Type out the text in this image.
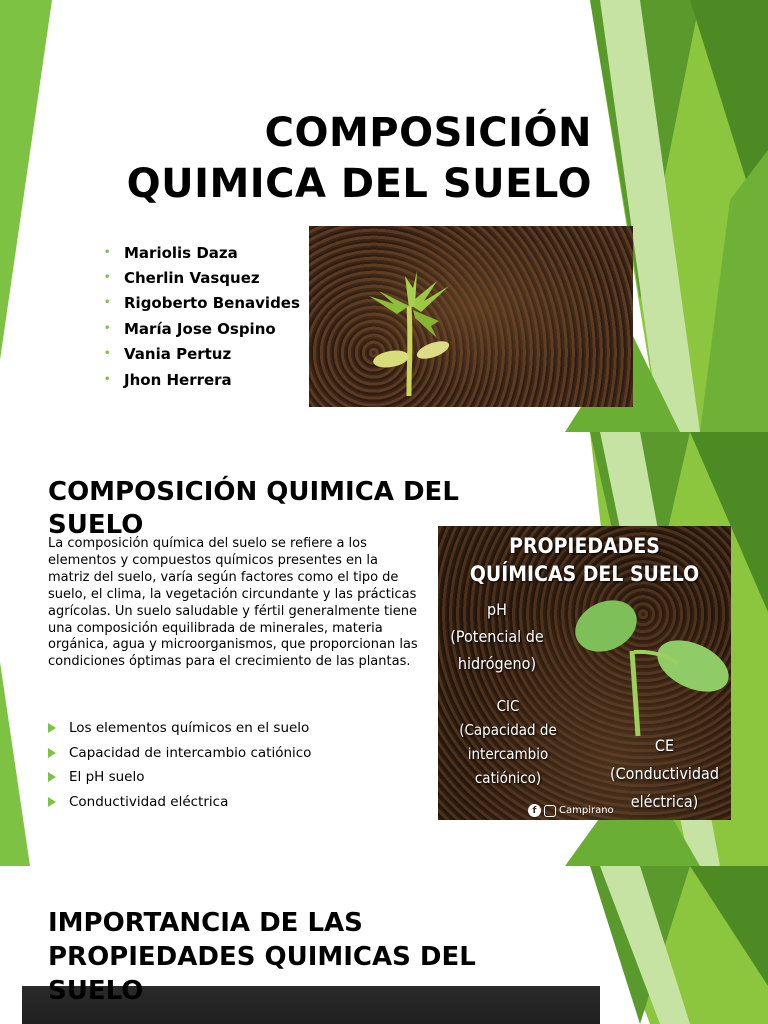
COMPOSICIÓN
QUIMICA DEL SUELO
• Mariolis Daza
• Cherlin Vasquez
• Rigoberto Benavides
• María Jose Ospino
• Vania Pertuz
• Jhon Herrera
COMPOSICIÓN QUIMICA DEL SUELO
La composición química del suelo se refiere a los elementos y compuestos químicos presentes en la matriz del suelo, varía según factores como el tipo de suelo, el clima, la vegetación circundante y las prácticas agrícolas. Un suelo saludable y fértil generalmente tiene una composición equilibrada de minerales, materia orgánica, agua y microorganismos, que proporcionan las condiciones óptimas para el crecimiento de las plantas.
Los elementos químicos en el suelo
Capacidad de intercambio catiónico
El pH suelo
Conductividad eléctrica
PROPIEDADES
QUÍMICAS DEL SUELO
pH
(Potencial de
hidrógeno)
CIC
(Capacidad de
intercambio
catiónico)
CE
(Conductividad
eléctrica)
f	Campirano
IMPORTANCIA DE LAS PROPIEDADES QUIMICAS DEL SUELO
